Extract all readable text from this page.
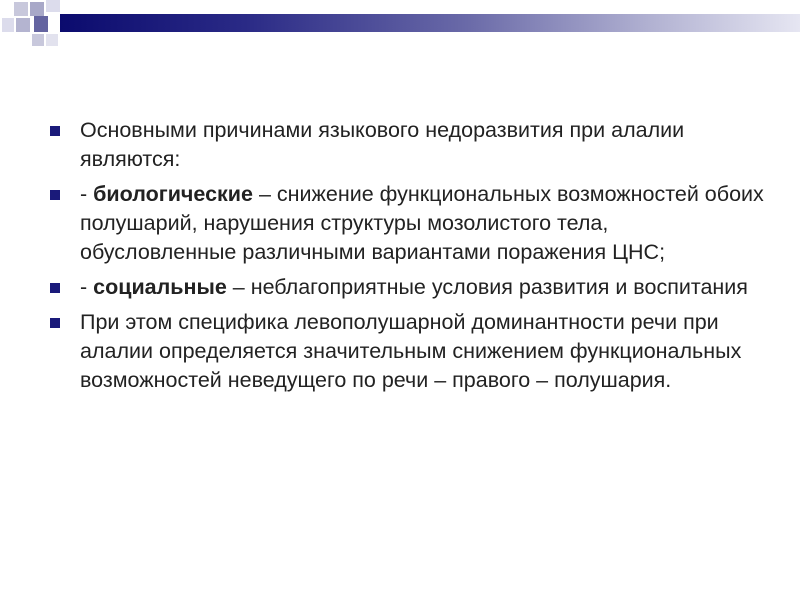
Основными причинами языкового недоразвития при алалии являются:
- биологические – снижение функциональных возможностей обоих полушарий, нарушения структуры мозолистого тела, обусловленные различными вариантами поражения ЦНС;
- социальные – неблагоприятные условия развития и воспитания
При этом специфика левополушарной доминантности речи при алалии определяется значительным снижением функциональных возможностей неведущего по речи – правого – полушария.
